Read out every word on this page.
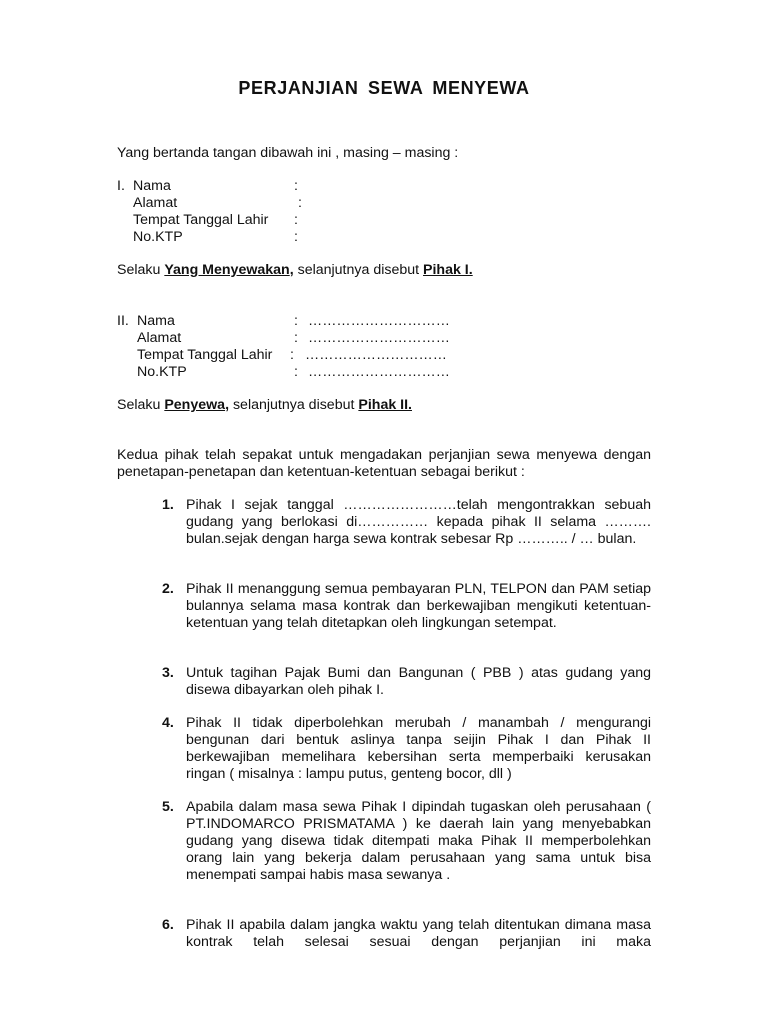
PERJANJIAN SEWA MENYEWA
Yang bertanda tangan dibawah ini , masing – masing :
I. Nama	:
Alamat	:
Tempat Tanggal Lahir :
No.KTP	:
Selaku Yang Menyewakan, selanjutnya disebut Pihak I.
II. Nama	: …………………………
Alamat	: …………………………
Tempat Tanggal Lahir : …………………………
No.KTP	: …………………………
Selaku Penyewa, selanjutnya disebut Pihak II.
Kedua pihak telah sepakat untuk mengadakan perjanjian sewa menyewa dengan penetapan-penetapan dan ketentuan-ketentuan sebagai berikut :
1. Pihak I sejak tanggal ……………………telah mengontrakkan sebuah gudang yang berlokasi di…………… kepada pihak II selama ………. bulan.sejak dengan harga sewa kontrak sebesar Rp ……….. / … bulan.
2. Pihak II menanggung semua pembayaran PLN, TELPON dan PAM setiap bulannya selama masa kontrak dan berkewajiban mengikuti ketentuan-ketentuan yang telah ditetapkan oleh lingkungan setempat.
3. Untuk tagihan Pajak Bumi dan Bangunan ( PBB ) atas gudang yang disewa dibayarkan oleh pihak I.
4. Pihak II tidak diperbolehkan merubah / manambah / mengurangi bengunan dari bentuk aslinya tanpa seijin Pihak I dan Pihak II berkewajiban memelihara kebersihan serta memperbaiki kerusakan ringan ( misalnya : lampu putus, genteng bocor, dll )
5. Apabila dalam masa sewa Pihak I dipindah tugaskan oleh perusahaan ( PT.INDOMARCO PRISMATAMA ) ke daerah lain yang menyebabkan gudang yang disewa tidak ditempati maka Pihak II memperbolehkan orang lain yang bekerja dalam perusahaan yang sama untuk bisa menempati sampai habis masa sewanya .
6. Pihak II apabila dalam jangka waktu yang telah ditentukan dimana masa kontrak telah selesai sesuai dengan perjanjian ini maka
